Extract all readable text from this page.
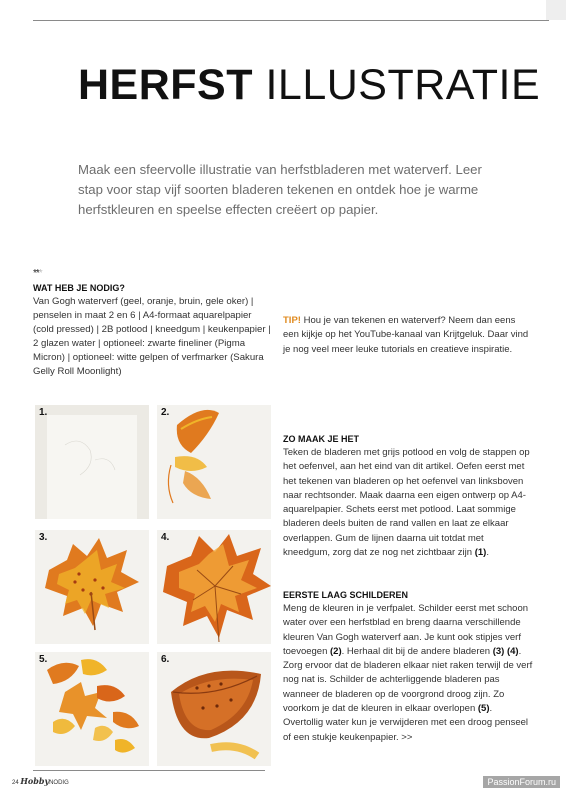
HERFST ILLUSTRATIE
Maak een sfeervolle illustratie van herfstbladeren met waterverf. Leer stap voor stap vijf soorten bladeren tekenen en ontdek hoe je warme herfstkleuren en speelse effecten creëert op papier.
***
WAT HEB JE NODIG?
Van Gogh waterverf (geel, oranje, bruin, gele oker) | penselen in maat 2 en 6 | A4-formaat aquarelpapier (cold pressed) | 2B potlood | kneedgum | keukenpapier | 2 glazen water | optioneel: zwarte fineliner (Pigma Micron) | optioneel: witte gelpen of verfmarker (Sakura Gelly Roll Moonlight)
TIP! Hou je van tekenen en waterverf? Neem dan eens een kijkje op het YouTube-kanaal van Krijtgeluk. Daar vind je nog veel meer leuke tutorials en creatieve inspiratie.
1.	2.
3.	4.
5.	6.
ZO MAAK JE HET
Teken de bladeren met grijs potlood en volg de stappen op het oefenvel, aan het eind van dit artikel. Oefen eerst met het tekenen van bladeren op het oefenvel van linksboven naar rechtsonder. Maak daarna een eigen ontwerp op A4-aquarelpapier. Schets eerst met potlood. Laat sommige bladeren deels buiten de rand vallen en laat ze elkaar overlappen. Gum de lijnen daarna uit totdat met kneedgum, zorg dat ze nog net zichtbaar zijn (1).
EERSTE LAAG SCHILDEREN
Meng de kleuren in je verfpalet. Schilder eerst met schoon water over een herfstblad en breng daarna verschillende kleuren Van Gogh waterverf aan. Je kunt ook stipjes verf toevoegen (2). Herhaal dit bij de andere bladeren (3) (4). Zorg ervoor dat de bladeren elkaar niet raken terwijl de verf nog nat is. Schilder de achterliggende bladeren pas wanneer de bladeren op de voorgrond droog zijn. Zo voorkom je dat de kleuren in elkaar overlopen (5). Overtollig water kun je verwijderen met een droog penseel of een stukje keukenpapier. >>
24 HobbyNODIG	PassionForum.ru
